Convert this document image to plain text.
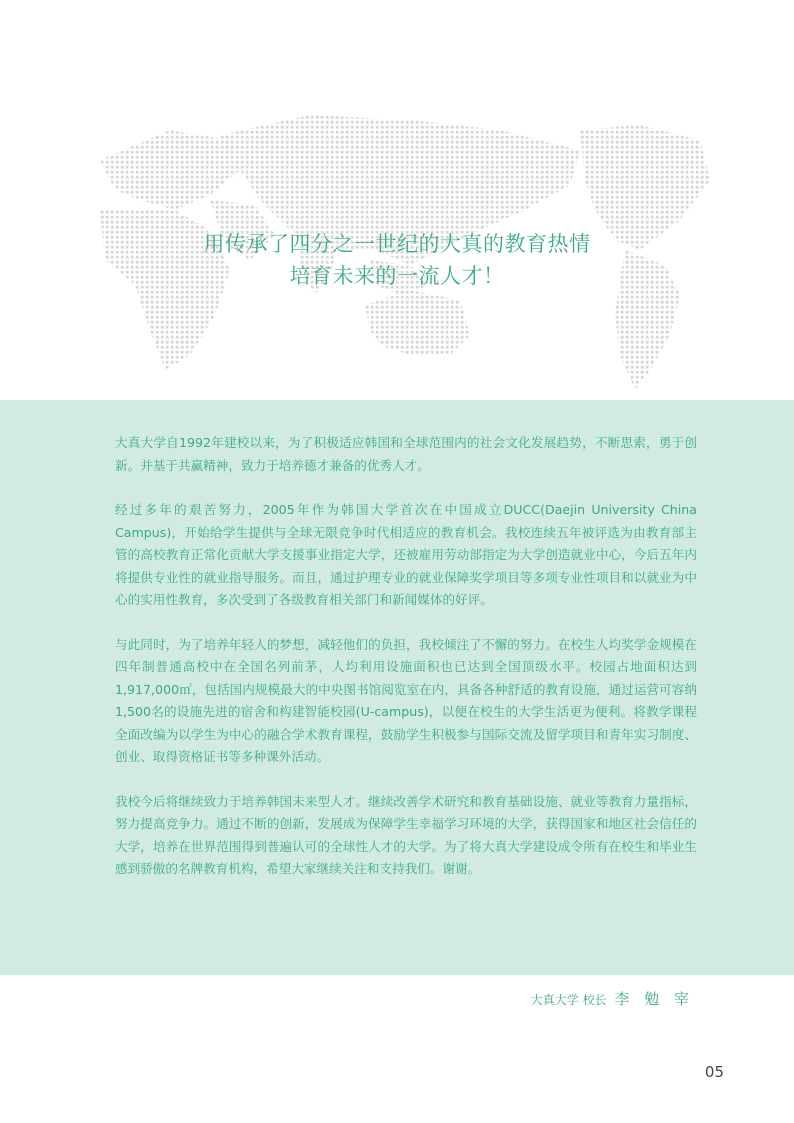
用传承了四分之一世纪的大真的教育热情
培育未来的一流人才！

大真大学自1992年建校以来，为了积极适应韩国和全球范围内的社会文化发展趋势，不断思索，勇于创新。并基于共赢精神，致力于培养德才兼备的优秀人才。

经过多年的艰苦努力，2005年作为韩国大学首次在中国成立DUCC(Daejin University China Campus)，开始给学生提供与全球无限竞争时代相适应的教育机会。我校连续五年被评选为由教育部主管的高校教育正常化贡献大学支援事业指定大学，还被雇用劳动部指定为大学创造就业中心，今后五年内将提供专业性的就业指导服务。而且，通过护理专业的就业保障奖学项目等多项专业性项目和以就业为中心的实用性教育，多次受到了各级教育相关部门和新闻媒体的好评。

与此同时，为了培养年轻人的梦想，减轻他们的负担，我校倾注了不懈的努力。在校生人均奖学金规模在四年制普通高校中在全国名列前茅，人均利用设施面积也已达到全国顶级水平。校园占地面积达到1,917,000㎡，包括国内规模最大的中央图书馆阅览室在内，具备各种舒适的教育设施，通过运营可容纳1,500名的设施先进的宿舍和构建智能校园(U-campus)，以便在校生的大学生活更为便利。将教学课程全面改编为以学生为中心的融合学术教育课程，鼓励学生积极参与国际交流及留学项目和青年实习制度、创业、取得资格证书等多种课外活动。

我校今后将继续致力于培养韩国未来型人才。继续改善学术研究和教育基础设施、就业等教育力量指标，努力提高竞争力。通过不断的创新，发展成为保障学生幸福学习环境的大学，获得国家和地区社会信任的大学，培养在世界范围得到普遍认可的全球性人才的大学。为了将大真大学建设成令所有在校生和毕业生感到骄傲的名牌教育机构，希望大家继续关注和支持我们。谢谢。

大真大学 校长 李 勉 宰
05
